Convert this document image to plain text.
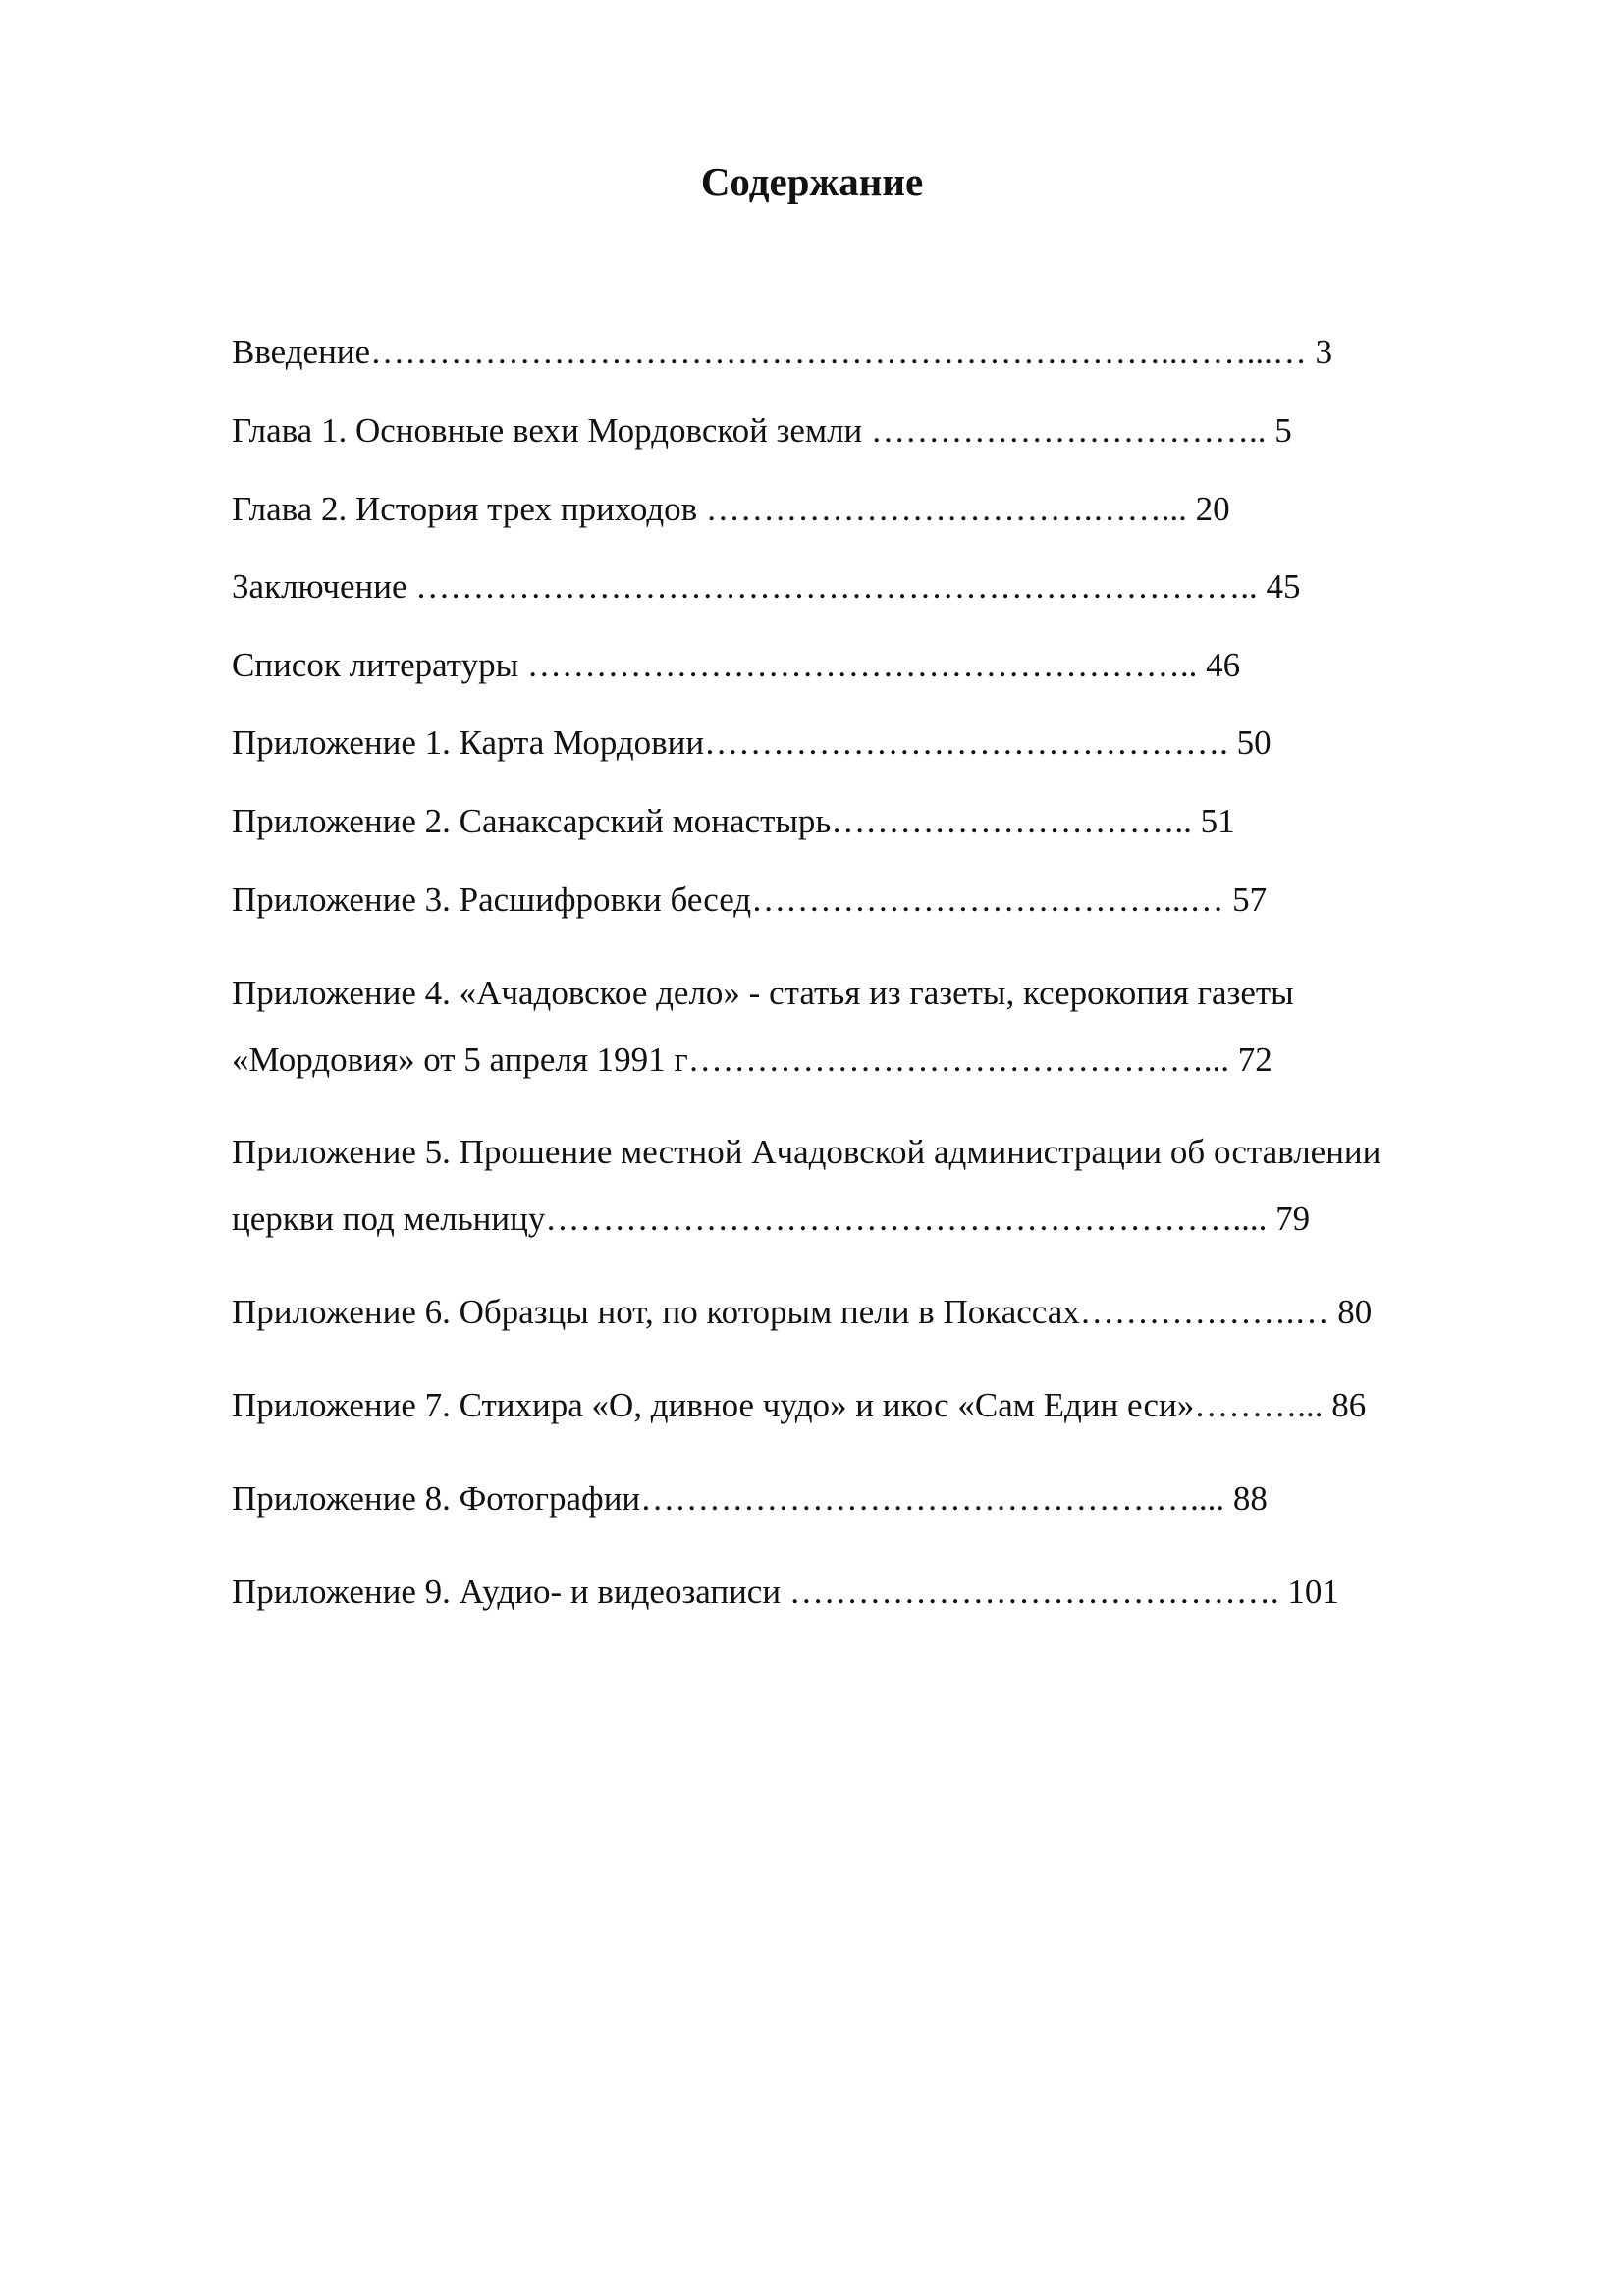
Содержание
Введение……………………………………………………………..……...… 3
Глава 1. Основные вехи Мордовской земли …………………………….. 5
Глава 2. История трех приходов …………………………….……... 20
Заключение ……………………………………………………………….. 45
Список литературы ………………………………………………….. 46
Приложение 1. Карта Мордовии………………………………………. 50
Приложение 2. Санаксарский монастырь………………………….. 51
Приложение 3. Расшифровки бесед………………………………...… 57
Приложение 4. «Ачадовское дело» - статья из газеты, ксерокопия газеты
«Мордовия» от 5 апреля 1991 г………………………………………... 72
Приложение 5. Прошение местной Ачадовской администрации об оставлении
церкви под мельницу…………………………………………………….... 79
Приложение 6. Образцы нот, по которым пели в Покассах……………….… 80
Приложение 7. Стихира «О, дивное чудо» и икос «Сам Един еси»………... 86
Приложение 8. Фотографии………………………………………….... 88
Приложение 9. Аудио- и видеозаписи ……………………………………. 101
